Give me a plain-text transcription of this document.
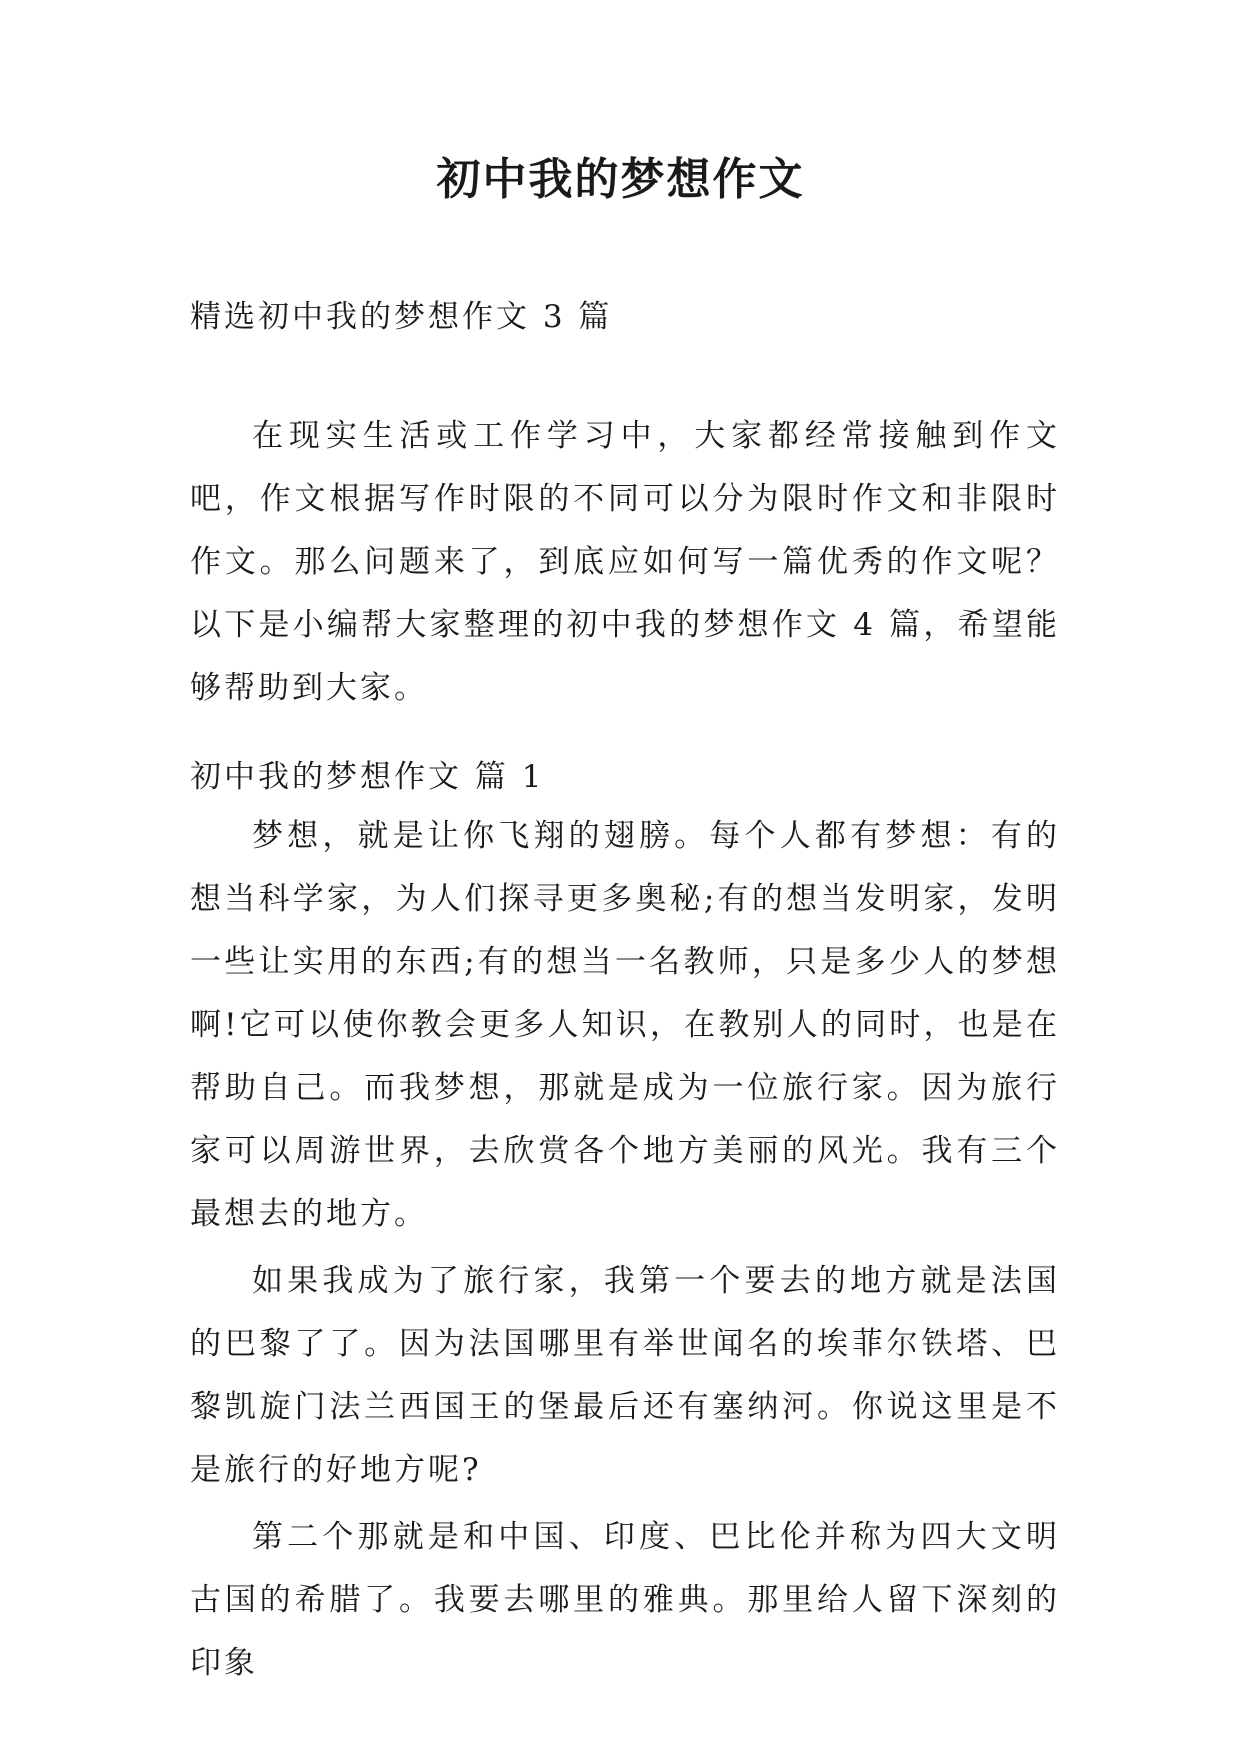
初中我的梦想作文
精选初中我的梦想作文 3 篇
在现实生活或工作学习中，大家都经常接触到作文吧，作文根据写作时限的不同可以分为限时作文和非限时作文。那么问题来了，到底应如何写一篇优秀的作文呢？以下是小编帮大家整理的初中我的梦想作文 4 篇，希望能够帮助到大家。
初中我的梦想作文 篇 1

梦想，就是让你飞翔的翅膀。每个人都有梦想：有的想当科学家，为人们探寻更多奥秘;有的想当发明家，发明一些让实用的东西;有的想当一名教师，只是多少人的梦想啊!它可以使你教会更多人知识，在教别人的同时，也是在帮助自己。而我梦想，那就是成为一位旅行家。因为旅行家可以周游世界，去欣赏各个地方美丽的风光。我有三个最想去的地方。

如果我成为了旅行家，我第一个要去的地方就是法国的巴黎了了。因为法国哪里有举世闻名的埃菲尔铁塔、巴黎凯旋门法兰西国王的堡最后还有塞纳河。你说这里是不是旅行的好地方呢?

第二个那就是和中国、印度、巴比伦并称为四大文明古国的希腊了。我要去哪里的雅典。那里给人留下深刻的印象
